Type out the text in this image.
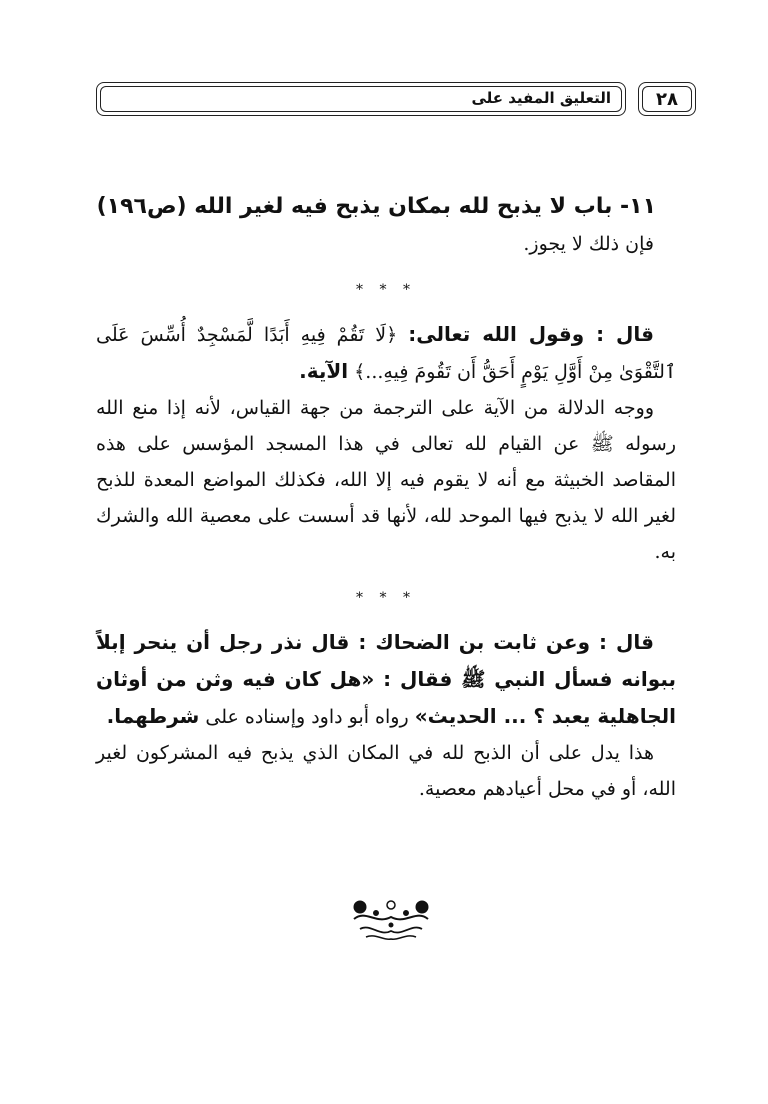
التعليق المفيد على	٢٨

١١- باب لا يذبح لله بمكان يذبح فيه لغير الله (ص١٩٦)

فإن ذلك لا يجوز.

* * *

قال : وقول الله تعالى: ﴿لَا تَقُمْ فِيهِ أَبَدًا لَّمَسْجِدٌ أُسِّسَ عَلَى ٱلتَّقْوَىٰ مِنْ أَوَّلِ يَوْمٍ أَحَقُّ أَن تَقُومَ فِيهِ...﴾ الآية.

ووجه الدلالة من الآية على الترجمة من جهة القياس، لأنه إذا منع الله رسوله ﷺ عن القيام لله تعالى في هذا المسجد المؤسس على هذه المقاصد الخبيثة مع أنه لا يقوم فيه إلا الله، فكذلك المواضع المعدة للذبح لغير الله لا يذبح فيها الموحد لله، لأنها قد أسست على معصية الله والشرك به.

* * *

قال : وعن ثابت بن الضحاك : قال نذر رجل أن ينحر إبلاً ببوانه فسأل النبي ﷺ فقال : «هل كان فيه وثن من أوثان الجاهلية يعبد ؟ ... الحديث» رواه أبو داود وإسناده على شرطهما.

هذا يدل على أن الذبح لله في المكان الذي يذبح فيه المشركون لغير الله، أو في محل أعيادهم معصية.
